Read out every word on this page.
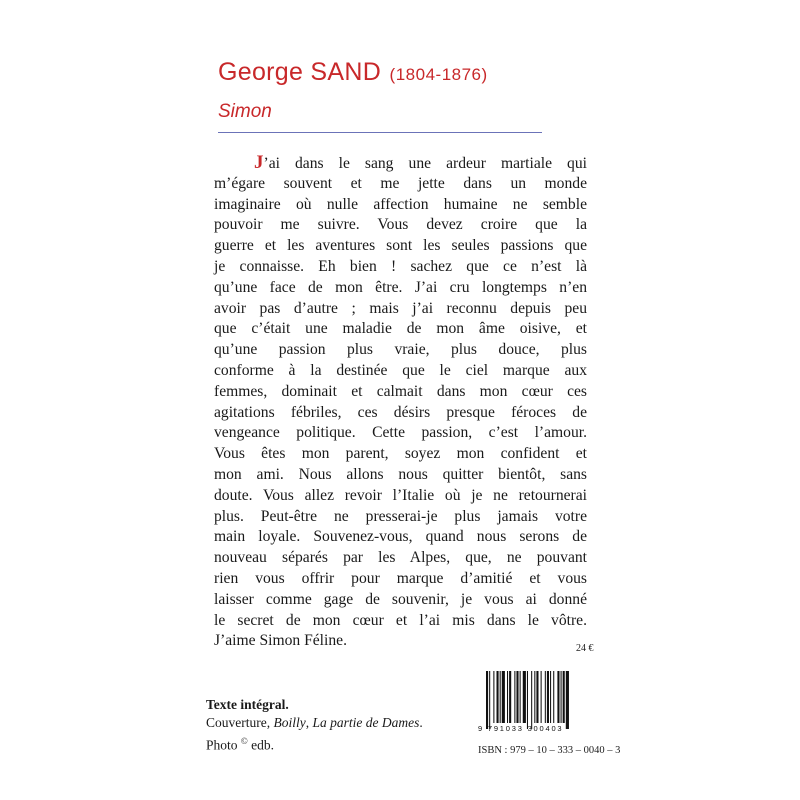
George SAND (1804-1876)
Simon
J’ai dans le sang une ardeur martiale qui
m’égare souvent et me jette dans un monde
imaginaire où nulle affection humaine ne semble
pouvoir me suivre. Vous devez croire que la
guerre et les aventures sont les seules passions que
je connaisse. Eh bien ! sachez que ce n’est là
qu’une face de mon être. J’ai cru longtemps n’en
avoir pas d’autre ; mais j’ai reconnu depuis peu
que c’était une maladie de mon âme oisive, et
qu’une passion plus vraie, plus douce, plus
conforme à la destinée que le ciel marque aux
femmes, dominait et calmait dans mon cœur ces
agitations fébriles, ces désirs presque féroces de
vengeance politique. Cette passion, c’est l’amour.
Vous êtes mon parent, soyez mon confident et
mon ami. Nous allons nous quitter bientôt, sans
doute. Vous allez revoir l’Italie où je ne retournerai
plus. Peut-être ne presserai-je plus jamais votre
main loyale. Souvenez-vous, quand nous serons de
nouveau séparés par les Alpes, que, ne pouvant
rien vous offrir pour marque d’amitié et vous
laisser comme gage de souvenir, je vous ai donné
le secret de mon cœur et l’ai mis dans le vôtre.
J’aime Simon Féline.	24 €
Texte intégral.
Couverture, Boilly, La partie de Dames.
Photo © edb.
9 791033 300403
ISBN : 979 – 10 – 333 – 0040 – 3
